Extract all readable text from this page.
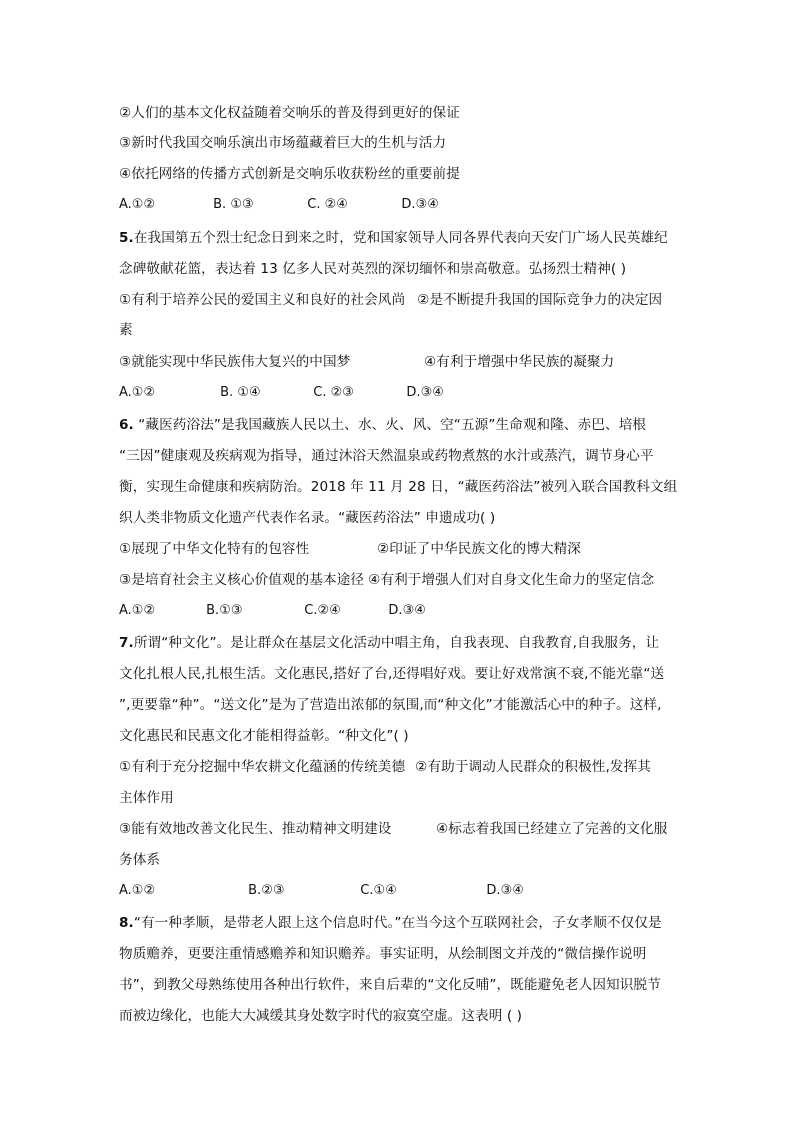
②人们的基本文化权益随着交响乐的普及得到更好的保证
③新时代我国交响乐演出市场蕴藏着巨大的生机与活力
④依托网络的传播方式创新是交响乐收获粉丝的重要前提
A.①②	B. ①③	C. ②④	D.③④
5.在我国第五个烈士纪念日到来之时，党和国家领导人同各界代表向天安门广场人民英雄纪
念碑敬献花篮，表达着 13 亿多人民对英烈的深切缅怀和崇高敬意。弘扬烈士精神( )
①有利于培养公民的爱国主义和良好的社会风尚 ②是不断提升我国的国际竞争力的决定因
素
③就能实现中华民族伟大复兴的中国梦	④有利于增强中华民族的凝聚力
A.①②	B. ①④	C. ②③	D.③④
6. “藏医药浴法”是我国藏族人民以土、水、火、风、空“五源”生命观和隆、赤巴、培根
“三因”健康观及疾病观为指导，通过沐浴天然温泉或药物煮熬的水汁或蒸汽，调节身心平
衡，实现生命健康和疾病防治。2018 年 11 月 28 日，“藏医药浴法”被列入联合国教科文组
织人类非物质文化遗产代表作名录。“藏医药浴法” 申遗成功( )
①展现了中华文化特有的包容性	②印证了中华民族文化的博大精深
③是培育社会主义核心价值观的基本途径 ④有利于增强人们对自身文化生命力的坚定信念
A.①②	B.①③	C.②④	D.③④
7.所谓“种文化”。是让群众在基层文化活动中唱主角，自我表现、自我教育,自我服务，让
文化扎根人民,扎根生活。文化惠民,搭好了台,还得唱好戏。要让好戏常演不衰,不能光靠“送
”,更要靠“种”。“送文化”是为了营造出浓郁的氛围,而“种文化”才能激活心中的种子。这样,
文化惠民和民惠文化才能相得益彰。“种文化”( )
①有利于充分挖掘中华农耕文化蕴涵的传统美德 ②有助于调动人民群众的积极性,发挥其
主体作用
③能有效地改善文化民生、推动精神文明建设	④标志着我国已经建立了完善的文化服
务体系
A.①②	B.②③	C.①④	D.③④
8.“有一种孝顺，是带老人跟上这个信息时代。”在当今这个互联网社会，子女孝顺不仅仅是
物质赡养，更要注重情感赡养和知识赡养。事实证明，从绘制图文并茂的“微信操作说明
书”，到教父母熟练使用各种出行软件，来自后辈的“文化反哺”，既能避免老人因知识脱节
而被边缘化，也能大大减缓其身处数字时代的寂寞空虚。这表明 ( )
